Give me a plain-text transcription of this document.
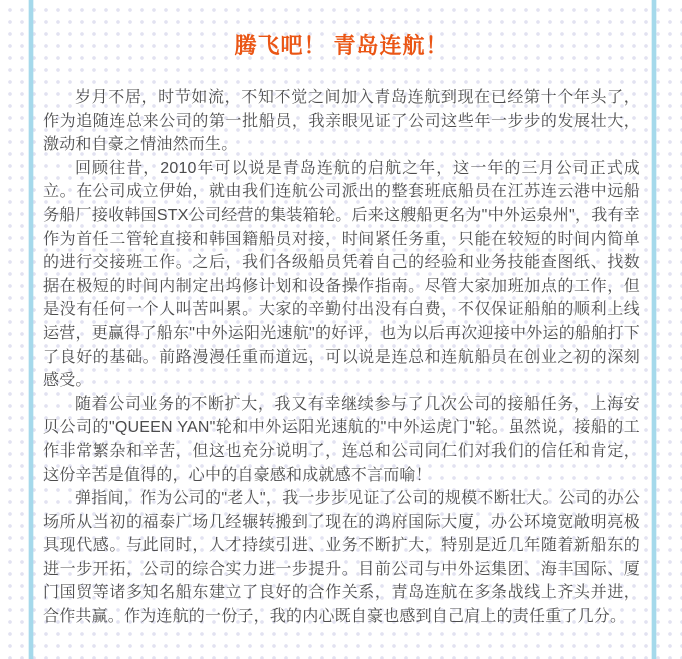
腾飞吧！ 青岛连航！

岁月不居，时节如流，不知不觉之间加入青岛连航到现在已经第十个年头了，作为追随连总来公司的第一批船员，我亲眼见证了公司这些年一步步的发展壮大，激动和自豪之情油然而生。

回顾往昔，2010年可以说是青岛连航的启航之年，这一年的三月公司正式成立。在公司成立伊始，就由我们连航公司派出的整套班底船员在江苏连云港中远船务船厂接收韩国STX公司经营的集装箱轮。后来这艘船更名为"中外运泉州"，我有幸作为首任二管轮直接和韩国籍船员对接，时间紧任务重，只能在较短的时间内简单的进行交接班工作。之后，我们各级船员凭着自己的经验和业务技能查图纸、找数据在极短的时间内制定出坞修计划和设备操作指南。尽管大家加班加点的工作，但是没有任何一个人叫苦叫累。大家的辛勤付出没有白费，不仅保证船舶的顺利上线运营，更赢得了船东"中外运阳光速航"的好评，也为以后再次迎接中外运的船舶打下了良好的基础。前路漫漫任重而道远，可以说是连总和连航船员在创业之初的深刻感受。

随着公司业务的不断扩大，我又有幸继续参与了几次公司的接船任务，上海安贝公司的"QUEEN YAN"轮和中外运阳光速航的"中外运虎门"轮。虽然说，接船的工作非常繁杂和辛苦，但这也充分说明了，连总和公司同仁们对我们的信任和肯定，这份辛苦是值得的，心中的自豪感和成就感不言而喻！

弹指间，作为公司的"老人"，我一步步见证了公司的规模不断壮大。公司的办公场所从当初的福泰广场几经辗转搬到了现在的鸿府国际大厦，办公环境宽敞明亮极具现代感。与此同时，人才持续引进、业务不断扩大，特别是近几年随着新船东的进一步开拓，公司的综合实力进一步提升。目前公司与中外运集团、海丰国际、厦门国贸等诸多知名船东建立了良好的合作关系，青岛连航在多条战线上齐头并进，合作共赢。作为连航的一份子，我的内心既自豪也感到自己肩上的责任重了几分。
